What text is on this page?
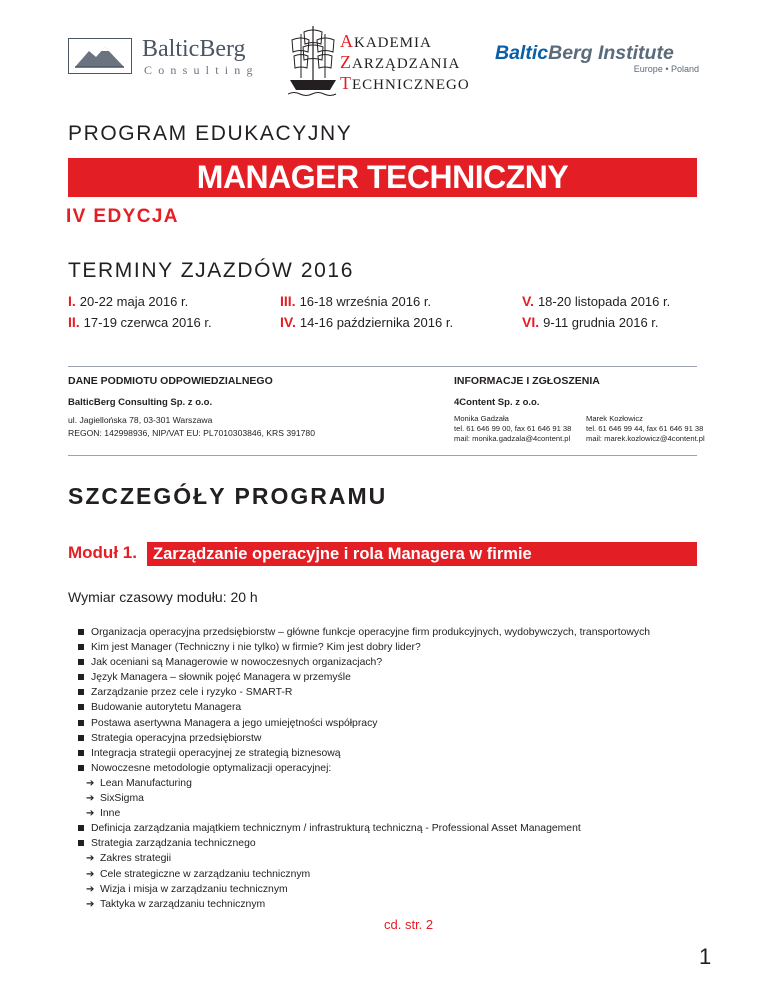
BalticBerg
Consulting
AKADEMIA
ZARZĄDZANIA
TECHNICZNEGO
BalticBerg Institute
Europe • Poland
PROGRAM EDUKACYJNY
MANAGER TECHNICZNY
IV EDYCJA
TERMINY ZJAZDÓW 2016
I. 20-22 maja 2016 r.
II. 17-19 czerwca 2016 r.
III. 16-18 września 2016 r.
IV. 14-16 października 2016 r.
V. 18-20 listopada 2016 r.
VI. 9-11 grudnia 2016 r.
DANE PODMIOTU ODPOWIEDZIALNEGO
BalticBerg Consulting Sp. z o.o.
ul. Jagiellońska 78, 03-301 Warszawa
REGON: 142998936, NIP/VAT EU: PL7010303846, KRS 391780
INFORMACJE I ZGŁOSZENIA
4Content Sp. z o.o.
Monika Gadzała
tel. 61 646 99 00, fax 61 646 91 38
mail: monika.gadzala@4content.pl
Marek Kozłowicz
tel. 61 646 99 44, fax 61 646 91 38
mail: marek.kozlowicz@4content.pl
SZCZEGÓŁY PROGRAMU
Moduł 1. Zarządzanie operacyjne i rola Managera w firmie
Wymiar czasowy modułu: 20 h
Organizacja operacyjna przedsiębiorstw – główne funkcje operacyjne firm produkcyjnych, wydobywczych, transportowych
Kim jest Manager (Techniczny i nie tylko) w firmie? Kim jest dobry lider?
Jak oceniani są Managerowie w nowoczesnych organizacjach?
Język Managera – słownik pojęć Managera w przemyśle
Zarządzanie przez cele i ryzyko - SMART-R
Budowanie autorytetu Managera
Postawa asertywna Managera a jego umiejętności współpracy
Strategia operacyjna przedsiębiorstw
Integracja strategii operacyjnej ze strategią biznesową
Nowoczesne metodologie optymalizacji operacyjnej:
➔ Lean Manufacturing
➔ SixSigma
➔ Inne
Definicja zarządzania majątkiem technicznym / infrastrukturą techniczną - Professional Asset Management
Strategia zarządzania technicznego
➔ Zakres strategii
➔ Cele strategiczne w zarządzaniu technicznym
➔ Wizja i misja w zarządzaniu technicznym
➔ Taktyka w zarządzaniu technicznym
cd. str. 2
1
